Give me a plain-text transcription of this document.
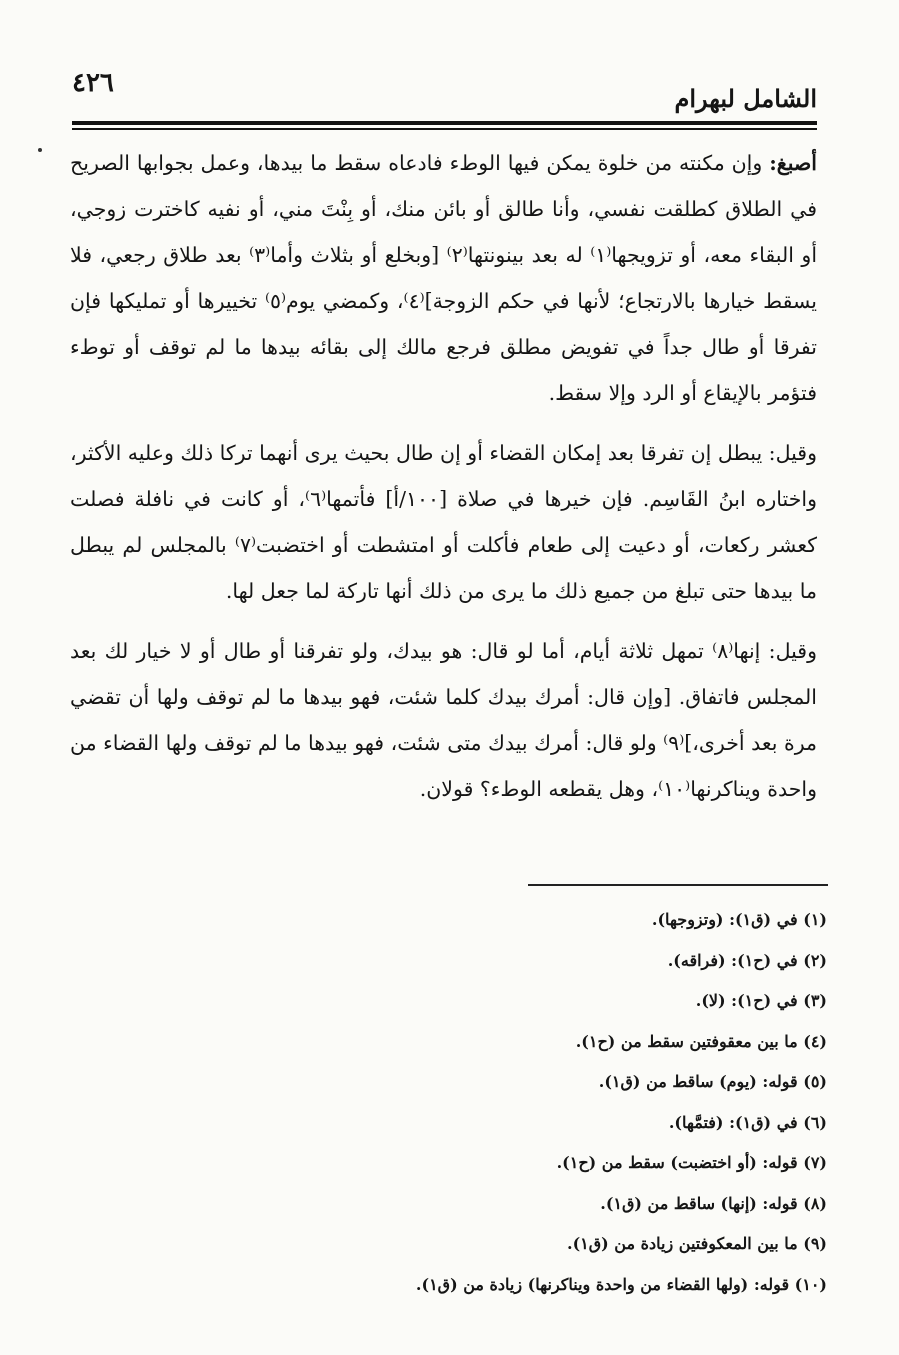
٤٢٦
الشامل لبهرام

أصبغ: وإن مكنته من خلوة يمكن فيها الوطء فادعاه سقط ما بيدها، وعمل بجوابها الصريح في الطلاق كطلقت نفسي، وأنا طالق أو بائن منك، أو بِنْتَ مني، أو نفيه كاخترت زوجي، أو البقاء معه، أو تزويجها⁽١⁾ له بعد بينونتها⁽٢⁾ [وبخلع أو بثلاث وأما⁽٣⁾ بعد طلاق رجعي، فلا يسقط خيارها بالارتجاع؛ لأنها في حكم الزوجة]⁽٤⁾، وكمضي يوم⁽٥⁾ تخييرها أو تمليكها فإن تفرقا أو طال جداً في تفويض مطلق فرجع مالك إلى بقائه بيدها ما لم توقف أو توطء فتؤمر بالإيقاع أو الرد وإلا سقط.

وقيل: يبطل إن تفرقا بعد إمكان القضاء أو إن طال بحيث يرى أنهما تركا ذلك وعليه الأكثر، واختاره ابنُ القَاسِم. فإن خيرها في صلاة [١٠٠/أ] فأتمها⁽٦⁾، أو كانت في نافلة فصلت كعشر ركعات، أو دعيت إلى طعام فأكلت أو امتشطت أو اختضبت⁽٧⁾ بالمجلس لم يبطل ما بيدها حتى تبلغ من جميع ذلك ما يرى من ذلك أنها تاركة لما جعل لها.

وقيل: إنها⁽٨⁾ تمهل ثلاثة أيام، أما لو قال: هو بيدك، ولو تفرقنا أو طال أو لا خيار لك بعد المجلس فاتفاق. [وإن قال: أمرك بيدك كلما شئت، فهو بيدها ما لم توقف ولها أن تقضي مرة بعد أخرى،]⁽٩⁾ ولو قال: أمرك بيدك متى شئت، فهو بيدها ما لم توقف ولها القضاء من واحدة ويناكرنها⁽١٠⁾، وهل يقطعه الوطء؟ قولان.

(١) في (ق١): (وتزوجها).
(٢) في (ح١): (فراقه).
(٣) في (ح١): (لا).
(٤) ما بين معقوفتين سقط من (ح١).
(٥) قوله: (يوم) ساقط من (ق١).
(٦) في (ق١): (فتمَّها).
(٧) قوله: (أو اختضبت) سقط من (ح١).
(٨) قوله: (إنها) ساقط من (ق١).
(٩) ما بين المعكوفتين زيادة من (ق١).
(١٠) قوله: (ولها القضاء من واحدة ويناكرنها) زيادة من (ق١).
